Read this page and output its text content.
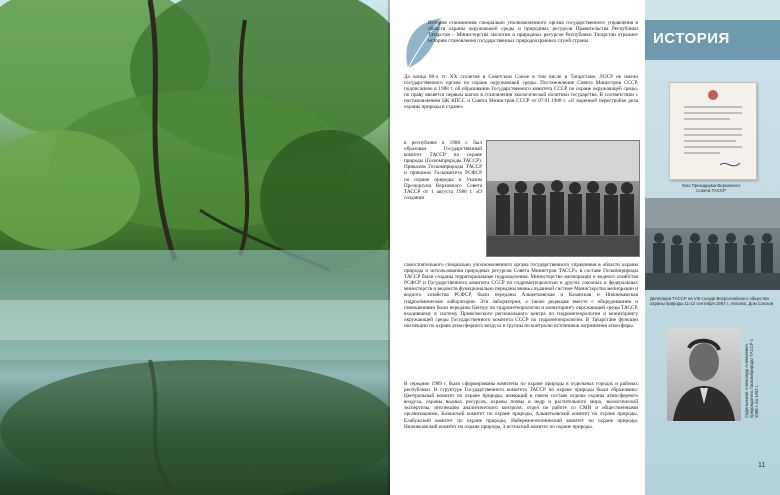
История становления специально уполномоченного органа государственного управления в области охраны окружающей среды и природных ресурсов Правительства Республики Татарстан – Министерства экологии и природных ресурсов Республики Татарстан отражает историю становления государственных природоохранных служб страны.

До конца 80-х гг. ХХ столетия в Советском Союзе в том числе и Татарстане, ЛОСР не имели государственного органа по охране окружающей среды. Постановление Совета Министров СССР, подписанное в 1988 г. об образовании Государственного комитета СССР по охране окружающей среды, по праву является первым шагом в становлении экологической политики государства. В соответствии с постановлением ЦК КПСС и Совета Министров СССР от 07.01.1988 г. «О коренной перестройке дела охраны природы в стране»

в республике в 1988 г. был образован Государственный комитет ТАССР по охране природы (Госкомприроды ТАССР). Приказом Госкомприроды ТАССР и приказом Госкомитета РСФСР по охране природы и Указом Президиума Верховного Совета ТАССР от 1 августа 1988 г. «О создании

самостоятельного специально уполномоченного органа государственного управления в области охраны природы и использования природных ресурсов Совета Министров ТАССР» в составе Госкомприроды ТАССР были созданы территориальные подразделения. Министерство мелиорации и водного хозяйства РСФСР и Государственного комитета СССР по гидрометеорологии и других союзных и федеральных министерств и ведомств функционально переданы вновь созданной системе Министерства мелиорации и водного хозяйства РСФСР, были переданы Альметьевская и Казанская и Нижнекамская гидрохимические лаборатории. Эти лаборатории, а также редакция вместе с оборудованием и помещениями были переданы Центру по гидрометеорологии и мониторингу окружающей среды ТАССР, входившему в систему Приволжского регионального центра по гидрометеорологии и мониторингу окружающей среды Государственного комитета СССР по гидрометеорологии. В Татарстане функции инспекции по охране атмосферного воздуха и группы по контролю источников загрязнения атмосферы.

В середине 1989 г. были сформированы комитеты по охране природы в отдельных городах и районах республики. В структуре Государственного комитета ТАССР по охране природы были образованы: Центральный комитет по охране природы, имеющий в своем составе отделы охраны атмосферного воздуха, охраны водных ресурсов, охраны почвы и недр и растительного мира, экологической экспертизы, инспекцию аналитического контроля, отдел по работе со СМИ и общественными организациями, Казанский комитет по охране природы, Альметьевский комитет по охране природы, Елабужский комитет по охране природы, Набережночелнинский комитет по охране природы, Нижнекамский комитет по охране природы, 3 истокский комитет по охране природы.

ИСТОРИЯ

Указ Президиума Верховного Совета ТАССР

Делегация ТАССР на VIII съезде Всероссийского общества охраны природы 11-12 сентября 1987 г., Москва, Дом Союзов

Сидельников Александр Алексеевич, председатель Госкомприроды ТАССР с 1988 г. по 1992 г.
11
